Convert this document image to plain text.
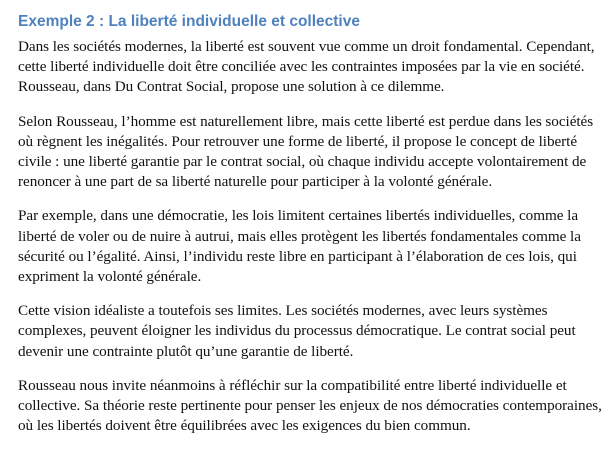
Exemple 2 : La liberté individuelle et collective

Dans les sociétés modernes, la liberté est souvent vue comme un droit fondamental. Cependant, cette liberté individuelle doit être conciliée avec les contraintes imposées par la vie en société. Rousseau, dans Du Contrat Social, propose une solution à ce dilemme.

Selon Rousseau, l’homme est naturellement libre, mais cette liberté est perdue dans les sociétés où règnent les inégalités. Pour retrouver une forme de liberté, il propose le concept de liberté civile : une liberté garantie par le contrat social, où chaque individu accepte volontairement de renoncer à une part de sa liberté naturelle pour participer à la volonté générale.

Par exemple, dans une démocratie, les lois limitent certaines libertés individuelles, comme la liberté de voler ou de nuire à autrui, mais elles protègent les libertés fondamentales comme la sécurité ou l’égalité. Ainsi, l’individu reste libre en participant à l’élaboration de ces lois, qui expriment la volonté générale.

Cette vision idéaliste a toutefois ses limites. Les sociétés modernes, avec leurs systèmes complexes, peuvent éloigner les individus du processus démocratique. Le contrat social peut devenir une contrainte plutôt qu’une garantie de liberté.

Rousseau nous invite néanmoins à réfléchir sur la compatibilité entre liberté individuelle et collective. Sa théorie reste pertinente pour penser les enjeux de nos démocraties contemporaines, où les libertés doivent être équilibrées avec les exigences du bien commun.
